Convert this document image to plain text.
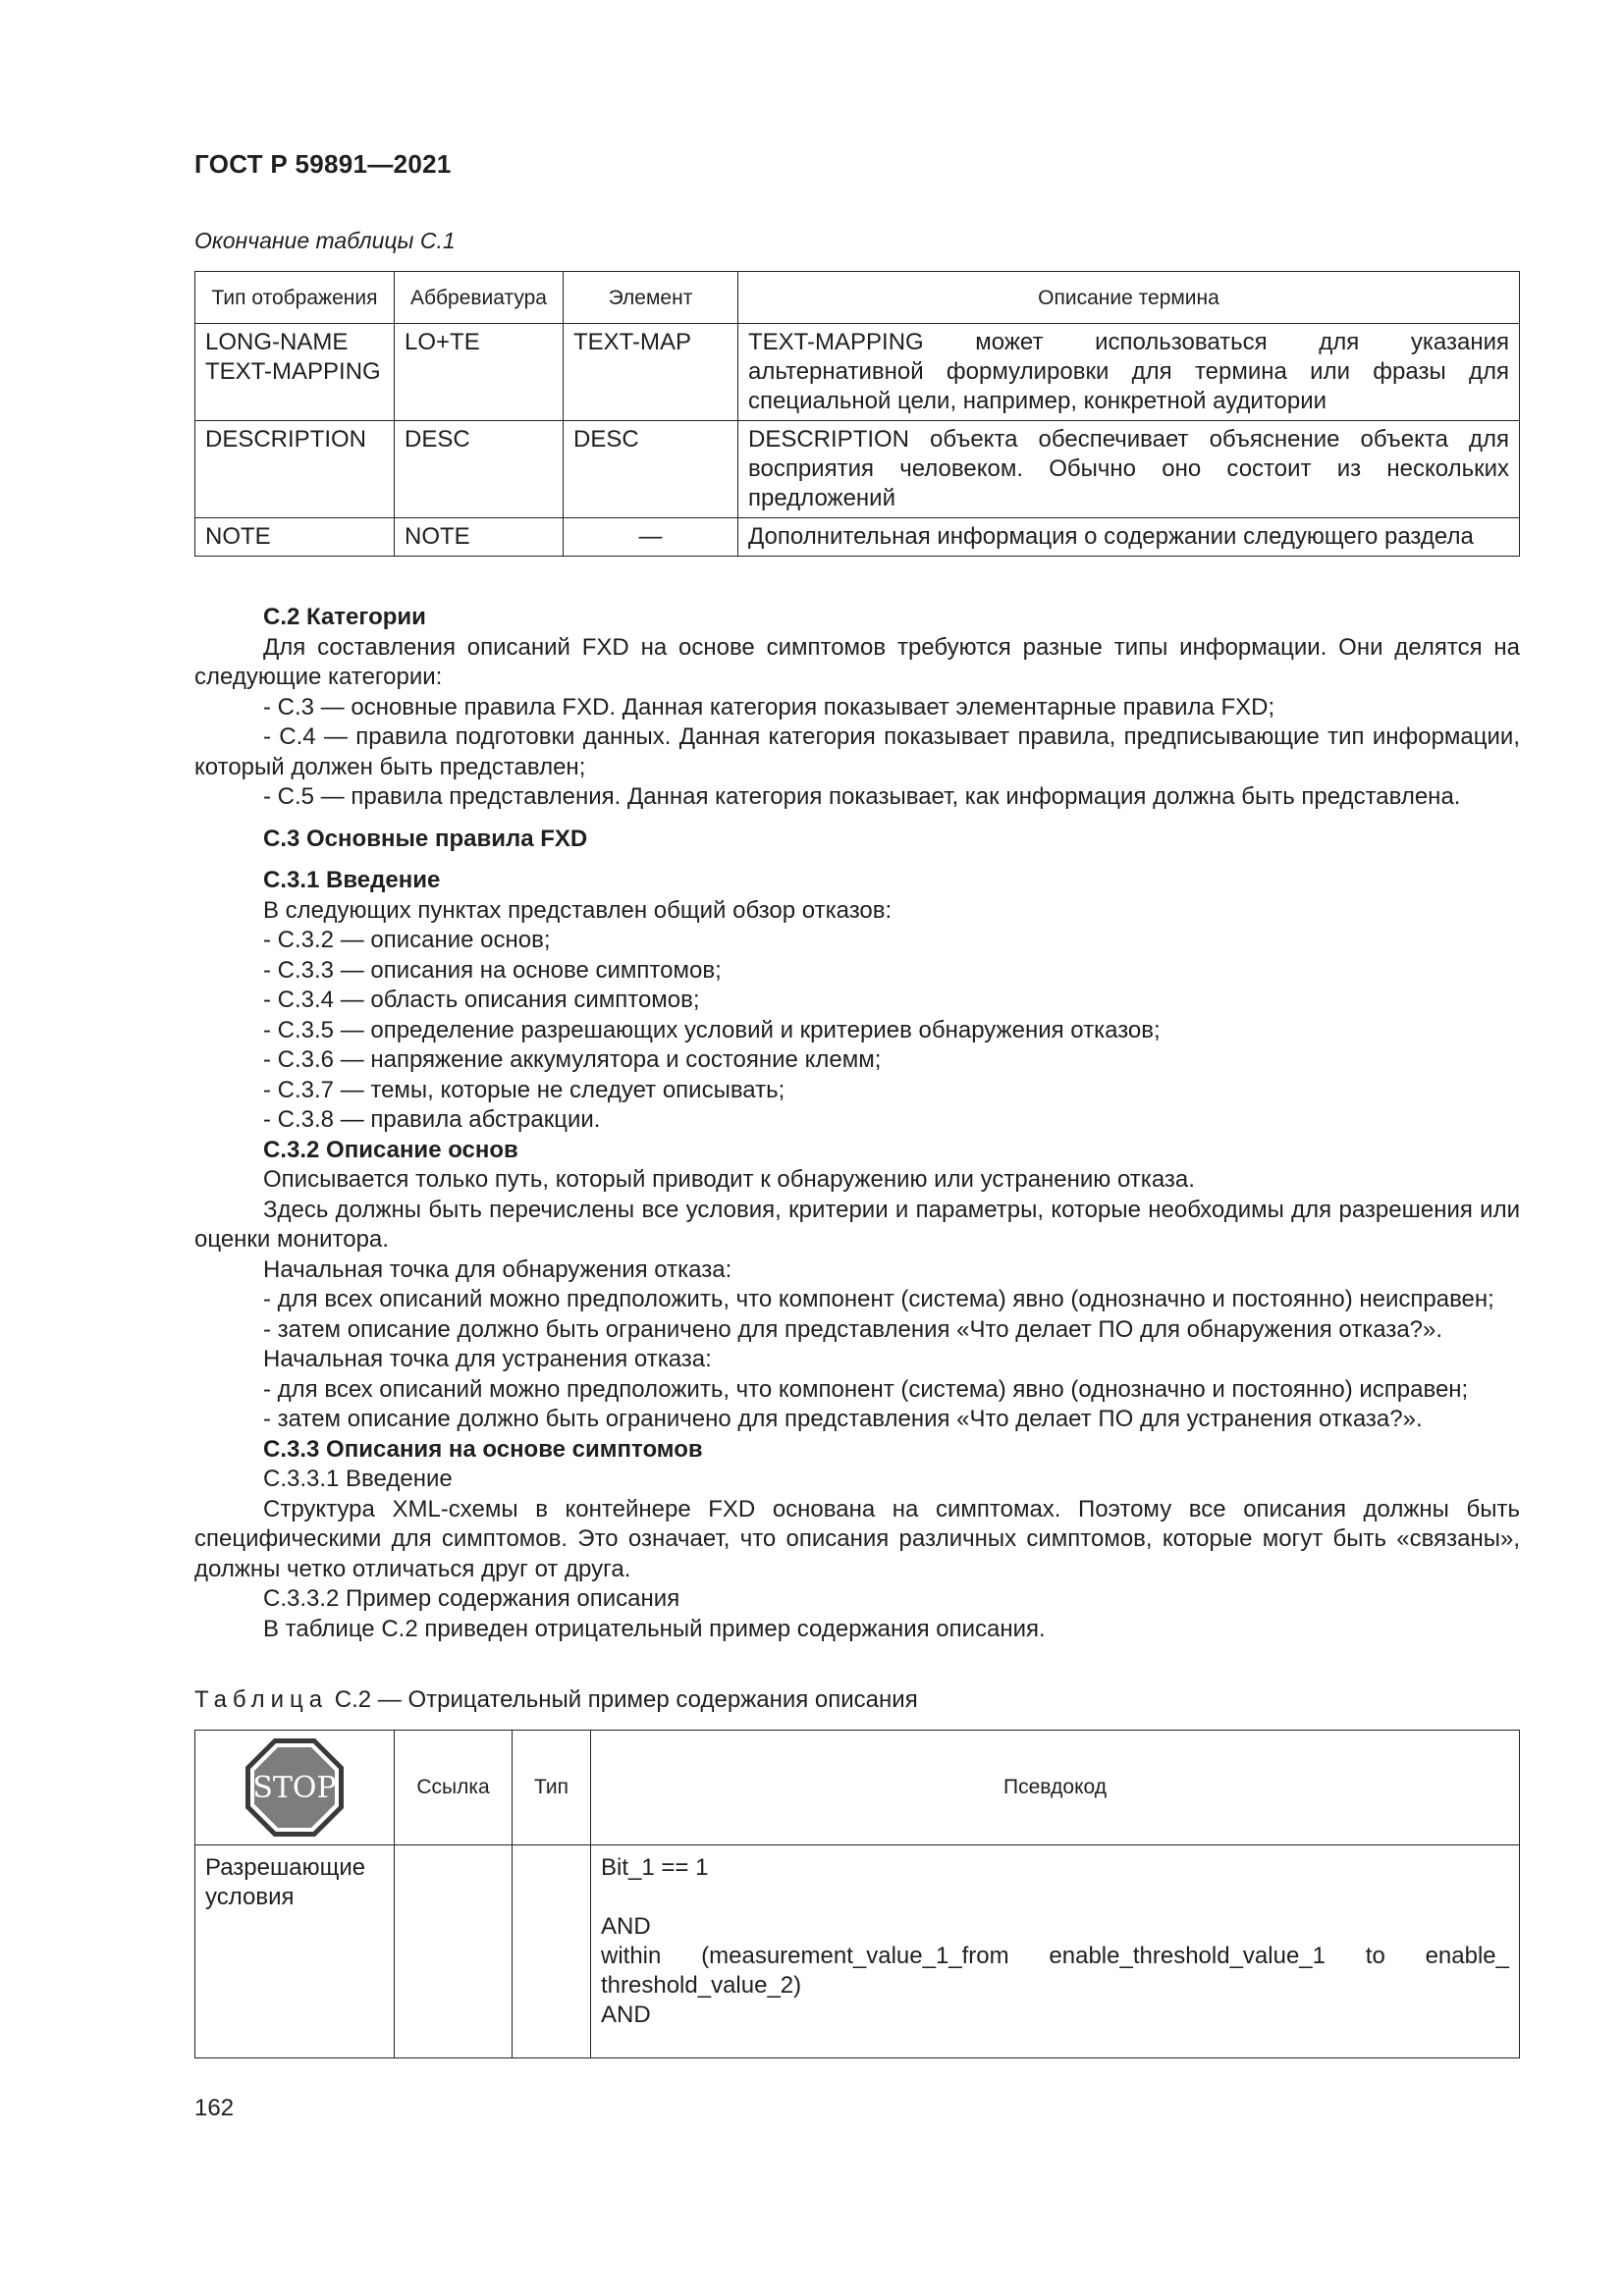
ГОСТ Р 59891—2021
Окончание таблицы С.1
Тип отображения	Аббревиатура	Элемент	Описание термина
LONG-NAME TEXT-MAPPING	LO+TE	TEXT-MAP	TEXT-MAPPING может использоваться для указания альтернативной формулировки для термина или фразы для специальной цели, например, конкретной аудитории
DESCRIPTION	DESC	DESC	DESCRIPTION объекта обеспечивает объяснение объекта для восприятия человеком. Обычно оно состоит из нескольких предложений
NOTE	NOTE	—	Дополнительная информация о содержании следующего раздела

С.2 Категории

Для составления описаний FXD на основе симптомов требуются разные типы информации. Они делятся на следующие категории:

- С.3 — основные правила FXD. Данная категория показывает элементарные правила FXD;

- С.4 — правила подготовки данных. Данная категория показывает правила, предписывающие тип информации, который должен быть представлен;

- С.5 — правила представления. Данная категория показывает, как информация должна быть представлена.

С.3 Основные правила FXD

С.3.1 Введение

В следующих пунктах представлен общий обзор отказов:

- С.3.2 — описание основ;

- С.3.3 — описания на основе симптомов;

- С.3.4 — область описания симптомов;

- С.3.5 — определение разрешающих условий и критериев обнаружения отказов;

- С.3.6 — напряжение аккумулятора и состояние клемм;

- С.3.7 — темы, которые не следует описывать;

- С.3.8 — правила абстракции.

С.3.2 Описание основ

Описывается только путь, который приводит к обнаружению или устранению отказа.

Здесь должны быть перечислены все условия, критерии и параметры, которые необходимы для разрешения или оценки монитора.

Начальная точка для обнаружения отказа:

- для всех описаний можно предположить, что компонент (система) явно (однозначно и постоянно) неисправен;

- затем описание должно быть ограничено для представления «Что делает ПО для обнаружения отказа?».

Начальная точка для устранения отказа:

- для всех описаний можно предположить, что компонент (система) явно (однозначно и постоянно) исправен;

- затем описание должно быть ограничено для представления «Что делает ПО для устранения отказа?».

С.3.3 Описания на основе симптомов

С.3.3.1 Введение

Структура XML-схемы в контейнере FXD основана на симптомах. Поэтому все описания должны быть специфическими для симптомов. Это означает, что описания различных симптомов, которые могут быть «связаны», должны четко отличаться друг от друга.

С.3.3.2 Пример содержания описания

В таблице С.2 приведен отрицательный пример содержания описания.

Таблица С.2 — Отрицательный пример содержания описания
STOP	Ссылка	Тип	Псевдокод
Разрешающие условия			Bit_1 == 1

AND

within (measurement_value_1_from enable_threshold_value_1 to enable_

threshold_value_2)

AND

162
